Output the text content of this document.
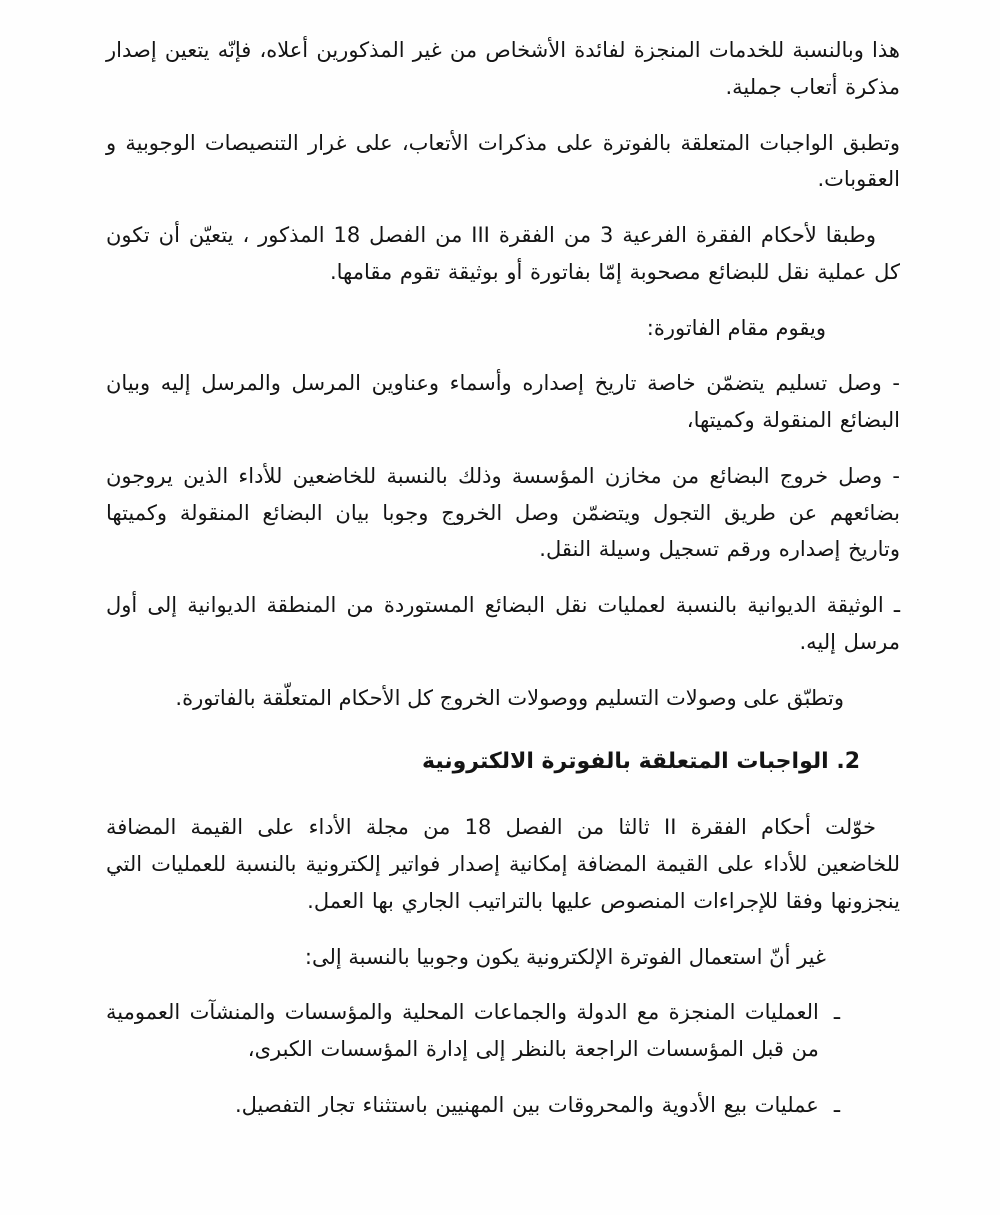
هذا وبالنسبة للخدمات المنجزة لفائدة الأشخاص من غير المذكورين أعلاه، فإنّه يتعين إصدار مذكرة أتعاب جملية.

وتطبق الواجبات المتعلقة بالفوترة على مذكرات الأتعاب، على غرار التنصيصات الوجوبية و العقوبات.

وطبقا لأحكام الفقرة الفرعية 3 من الفقرة III من الفصل 18 المذكور ، يتعيّن أن تكون كل عملية نقل للبضائع مصحوبة إمّا بفاتورة أو بوثيقة تقوم مقامها.

ويقوم مقام الفاتورة:

- وصل تسليم يتضمّن خاصة تاريخ إصداره وأسماء وعناوين المرسل والمرسل إليه وبيان البضائع المنقولة وكميتها،

- وصل خروج البضائع من مخازن المؤسسة وذلك بالنسبة للخاضعين للأداء الذين يروجون بضائعهم عن طريق التجول ويتضمّن وصل الخروج وجوبا بيان البضائع المنقولة وكميتها وتاريخ إصداره ورقم تسجيل وسيلة النقل.

ـ الوثيقة الديوانية بالنسبة لعمليات نقل البضائع المستوردة من المنطقة الديوانية إلى أول مرسل إليه.

وتطبّق على وصولات التسليم ووصولات الخروج كل الأحكام المتعلّقة بالفاتورة.

2. الواجبات المتعلقة بالفوترة الالكترونية

خوّلت أحكام الفقرة II ثالثا من الفصل 18 من مجلة الأداء على القيمة المضافة للخاضعين للأداء على القيمة المضافة إمكانية إصدار فواتير إلكترونية بالنسبة للعمليات التي ينجزونها وفقا للإجراءات المنصوص عليها بالتراتيب الجاري بها العمل.

غير أنّ استعمال الفوترة الإلكترونية يكون وجوبيا بالنسبة إلى:

ـ
العمليات المنجزة مع الدولة والجماعات المحلية والمؤسسات والمنشآت العمومية من قبل المؤسسات الراجعة بالنظر إلى إدارة المؤسسات الكبرى،
ـ
عمليات بيع الأدوية والمحروقات بين المهنيين باستثناء تجار التفصيل.
